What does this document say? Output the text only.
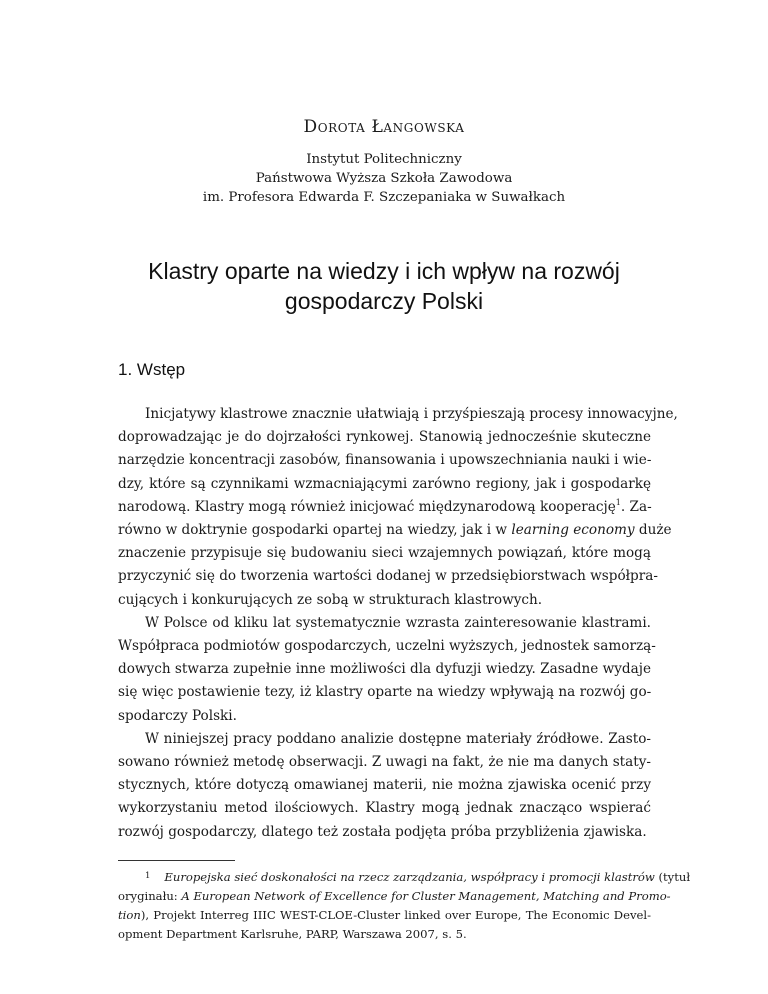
Dorota Łangowska
Instytut Politechniczny
Państwowa Wyższa Szkoła Zawodowa
im. Profesora Edwarda F. Szczepaniaka w Suwałkach
Klastry oparte na wiedzy i ich wpływ na rozwój
gospodarczy Polski
1. Wstęp
Inicjatywy klastrowe znacznie ułatwiają i przyśpieszają procesy innowacyjne,
doprowadzając je do dojrzałości rynkowej. Stanowią jednocześnie skuteczne
narzędzie koncentracji zasobów, finansowania i upowszechniania nauki i wie-
dzy, które są czynnikami wzmacniającymi zarówno regiony, jak i gospodarkę
narodową. Klastry mogą również inicjować międzynarodową kooperację$^1$. Za-
równo w doktrynie gospodarki opartej na wiedzy, jak i w learning economy duże
znaczenie przypisuje się budowaniu sieci wzajemnych powiązań, które mogą
przyczynić się do tworzenia wartości dodanej w przedsiębiorstwach współpra-
cujących i konkurujących ze sobą w strukturach klastrowych.
W Polsce od kliku lat systematycznie wzrasta zainteresowanie klastrami.
Współpraca podmiotów gospodarczych, uczelni wyższych, jednostek samorzą-
dowych stwarza zupełnie inne możliwości dla dyfuzji wiedzy. Zasadne wydaje
się więc postawienie tezy, iż klastry oparte na wiedzy wpływają na rozwój go-
spodarczy Polski.
W niniejszej pracy poddano analizie dostępne materiały źródłowe. Zasto-
sowano również metodę obserwacji. Z uwagi na fakt, że nie ma danych staty-
stycznych, które dotyczą omawianej materii, nie można zjawiska ocenić przy
wykorzystaniu metod ilościowych. Klastry mogą jednak znacząco wspierać
rozwój gospodarczy, dlatego też została podjęta próba przybliżenia zjawiska.
$^1$ Europejska sieć doskonałości na rzecz zarządzania, współpracy i promocji klastrów (tytuł
oryginału: A European Network of Excellence for Cluster Management, Matching and Promo-
tion), Projekt Interreg IIIC WEST-CLOE-Cluster linked over Europe, The Economic Devel-
opment Department Karlsruhe, PARP, Warszawa 2007, s. 5.
